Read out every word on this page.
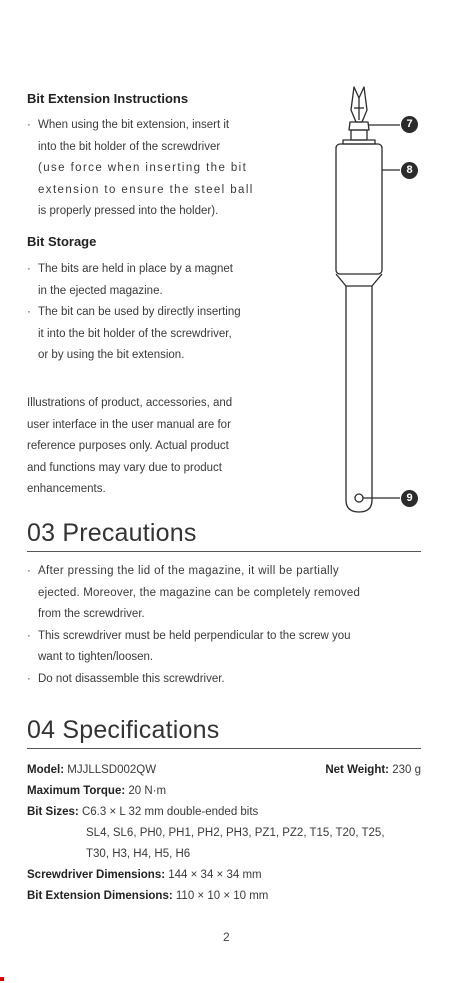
Bit Extension Instructions
· When using the bit extension, insert it
into the bit holder of the screwdriver
(use force when inserting the bit
extension to ensure the steel ball
is properly pressed into the holder).
Bit Storage
· The bits are held in place by a magnet
in the ejected magazine.
· The bit can be used by directly inserting
it into the bit holder of the screwdriver,
or by using the bit extension.
Illustrations of product, accessories, and
user interface in the user manual are for
reference purposes only. Actual product
and functions may vary due to product
enhancements.
7
8
9
03 Precautions
· After pressing the lid of the magazine, it will be partially
ejected. Moreover, the magazine can be completely removed
from the screwdriver.
· This screwdriver must be held perpendicular to the screw you
want to tighten/loosen.
· Do not disassemble this screwdriver.
04 Specifications
Model: MJJLLSD002QW	Net Weight: 230 g
Maximum Torque: 20 N·m
Bit Sizes: C6.3 × L 32 mm double-ended bits
SL4, SL6, PH0, PH1, PH2, PH3, PZ1, PZ2, T15, T20, T25,
T30, H3, H4, H5, H6
Screwdriver Dimensions: 144 × 34 × 34 mm
Bit Extension Dimensions: 110 × 10 × 10 mm
2
